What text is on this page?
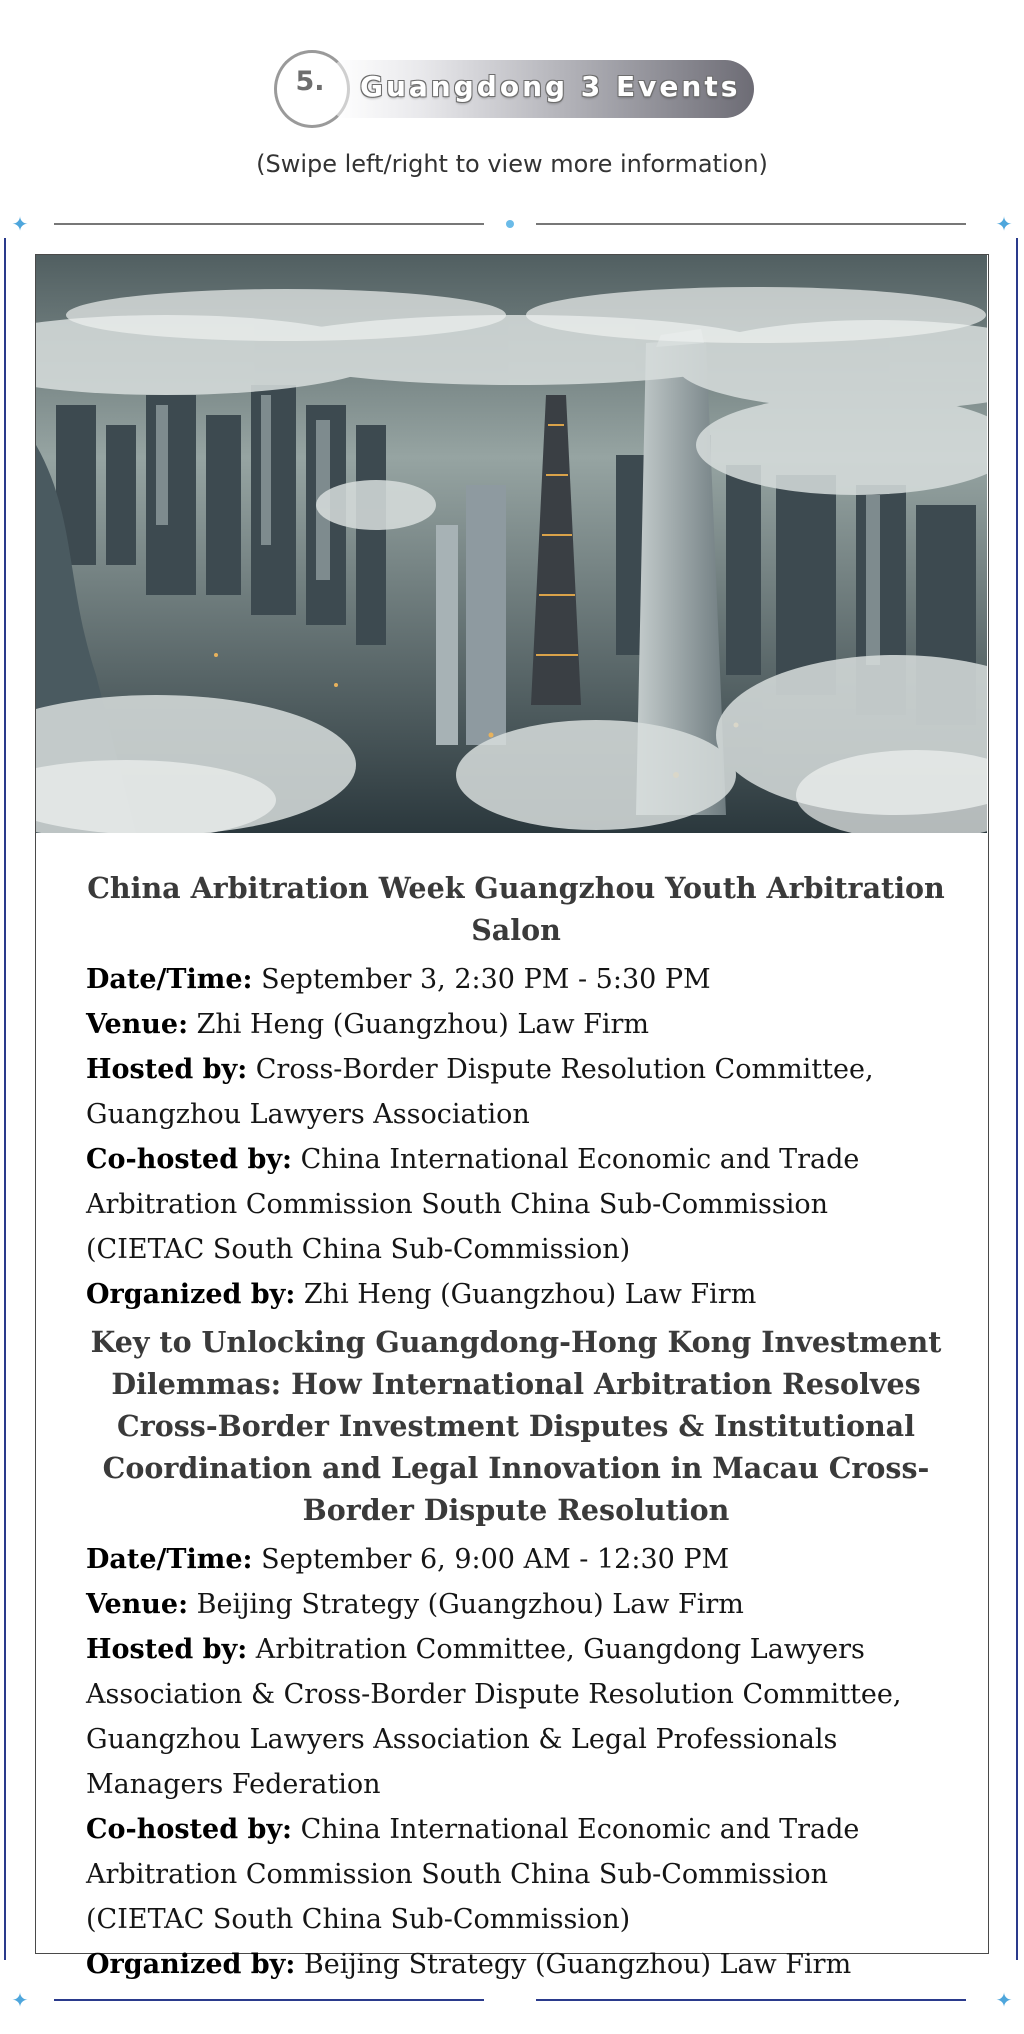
5.	Guangdong 3 Events
(Swipe left/right to view more information)
✦	✦
China Arbitration Week Guangzhou Youth Arbitration Salon
Date/Time: September 3, 2:30 PM - 5:30 PM
Venue: Zhi Heng (Guangzhou) Law Firm
Hosted by: Cross-Border Dispute Resolution Committee, Guangzhou Lawyers Association
Co-hosted by: China International Economic and Trade Arbitration Commission South China Sub-Commission (CIETAC South China Sub-Commission)
Organized by: Zhi Heng (Guangzhou) Law Firm
Key to Unlocking Guangdong-Hong Kong Investment Dilemmas: How International Arbitration Resolves Cross-Border Investment Disputes & Institutional Coordination and Legal Innovation in Macau Cross-Border Dispute Resolution
Date/Time: September 6, 9:00 AM - 12:30 PM
Venue: Beijing Strategy (Guangzhou) Law Firm
Hosted by: Arbitration Committee, Guangdong Lawyers Association & Cross-Border Dispute Resolution Committee, Guangzhou Lawyers Association & Legal Professionals Managers Federation
Co-hosted by: China International Economic and Trade Arbitration Commission South China Sub-Commission (CIETAC South China Sub-Commission)
Organized by: Beijing Strategy (Guangzhou) Law Firm
✦	✦
